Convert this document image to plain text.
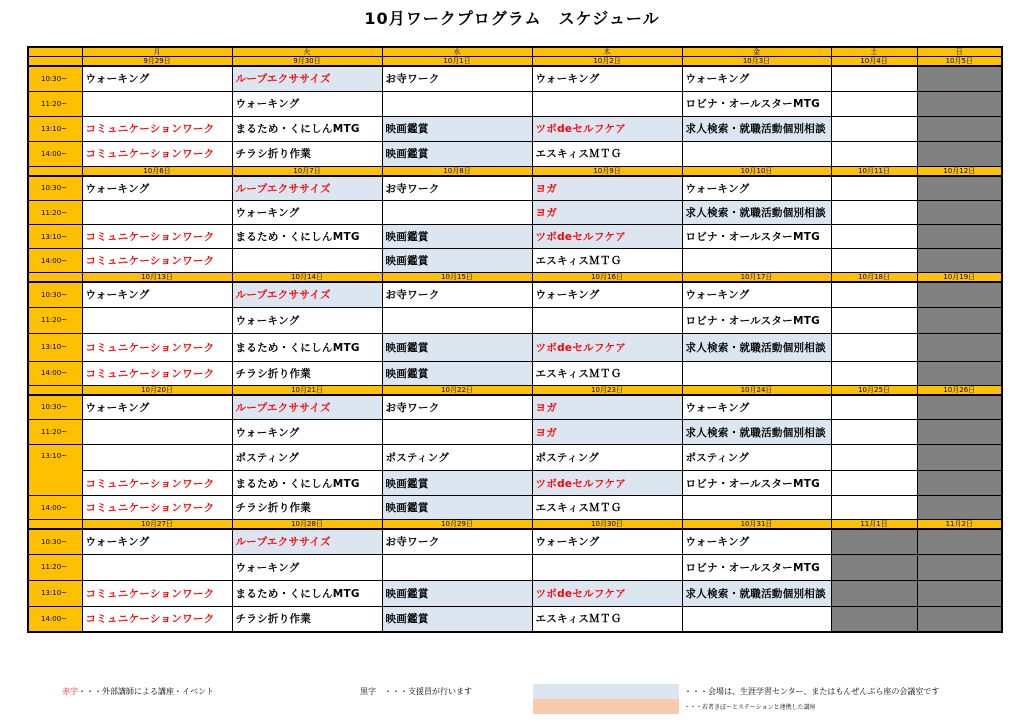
10月ワークプログラム　スケジュール
	月	火	水	木	金	土	日
	9月29日	9月30日	10月1日	10月2日	10月3日	10月4日	10月5日
10:30~	ウォーキング	ループエクササイズ	お寺ワーク	ウォーキング	ウォーキング		
11:20~		ウォーキング			ロビナ・オールスターMTG		
13:10~	コミュニケーションワーク	まるため・くにしんMTG	映画鑑賞	ツボdeセルフケア	求人検索・就職活動個別相談		
14:00~	コミュニケーションワーク	チラシ折り作業	映画鑑賞	エスキィスＭＴＧ			
	10月6日	10月7日	10月8日	10月9日	10月10日	10月11日	10月12日
10:30~	ウォーキング	ループエクササイズ	お寺ワーク	ヨガ	ウォーキング		
11:20~		ウォーキング		ヨガ	求人検索・就職活動個別相談		
13:10~	コミュニケーションワーク	まるため・くにしんMTG	映画鑑賞	ツボdeセルフケア	ロビナ・オールスターMTG		
14:00~	コミュニケーションワーク		映画鑑賞	エスキィスＭＴＧ			
	10月13日	10月14日	10月15日	10月16日	10月17日	10月18日	10月19日
10:30~	ウォーキング	ループエクササイズ	お寺ワーク	ウォーキング	ウォーキング		
11:20~		ウォーキング			ロビナ・オールスターMTG		
13:10~	コミュニケーションワーク	まるため・くにしんMTG	映画鑑賞	ツボdeセルフケア	求人検索・就職活動個別相談		
14:00~	コミュニケーションワーク	チラシ折り作業	映画鑑賞	エスキィスＭＴＧ			
	10月20日	10月21日	10月22日	10月23日	10月24日	10月25日	10月26日
10:30~	ウォーキング	ループエクササイズ	お寺ワーク	ヨガ	ウォーキング		
11:20~		ウォーキング		ヨガ	求人検索・就職活動個別相談		
13:10~		ポスティング	ポスティング	ポスティング	ポスティング		
	コミュニケーションワーク	まるため・くにしんMTG	映画鑑賞	ツボdeセルフケア	ロビナ・オールスターMTG		
14:00~	コミュニケーションワーク	チラシ折り作業	映画鑑賞	エスキィスＭＴＧ			
	10月27日	10月28日	10月29日	10月30日	10月31日	11月1日	11月2日
10:30~	ウォーキング	ループエクササイズ	お寺ワーク	ウォーキング	ウォーキング		
11:20~		ウォーキング			ロビナ・オールスターMTG		
13:10~	コミュニケーションワーク	まるため・くにしんMTG	映画鑑賞	ツボdeセルフケア	求人検索・就職活動個別相談		
14:00~	コミュニケーションワーク	チラシ折り作業	映画鑑賞	エスキィスＭＴＧ			
赤字・・・外部講師による講座・イベント	黒字　・・・支援員が行います	・・・会場は、生涯学習センター、またはもんぜんぷら座の会議室です
・・・若者きぼーとステーションと連携した講座
